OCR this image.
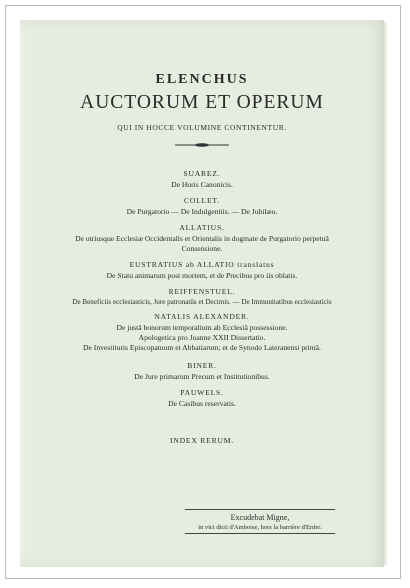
ELENCHUS
AUCTORUM ET OPERUM
QUI IN HOCCE VOLUMINE CONTINENTUR.
SUAREZ.
De Horis Canonicis.
COLLET.
De Purgatorio — De Indulgentiis. — De Jubilæo.
ALLATIUS.
De utriusque Ecclesiæ Occidentalis et Orientalis in dogmate de Purgatorio perpetuâ
Consensione.
EUSTRATIUS ab ALLATIO translatus
De Statu animarum post mortem, et de Precibus pro iis oblatis.
REIFFENSTUEL.
De Beneficiis ecclesiasticis, Jure patronatûs et Decimis. — De Immunitatibus ecclesiasticis
NATALIS ALEXANDER.
De justâ bonorum temporalium ab Ecclesiâ possessione.
Apologetica pro Joanne XXII Dissertatio.
De Investituris Episcopatuum et Abbatiarum; et de Synodo Lateranensi primâ.
BINER.
De Jure primarum Precum et Institutionibus.
PAUWELS.
De Casibus reservatis.
INDEX RERUM.
Excudebat Migne,
in vici dicti d'Amboise, hors la barrière d'Enfer.
